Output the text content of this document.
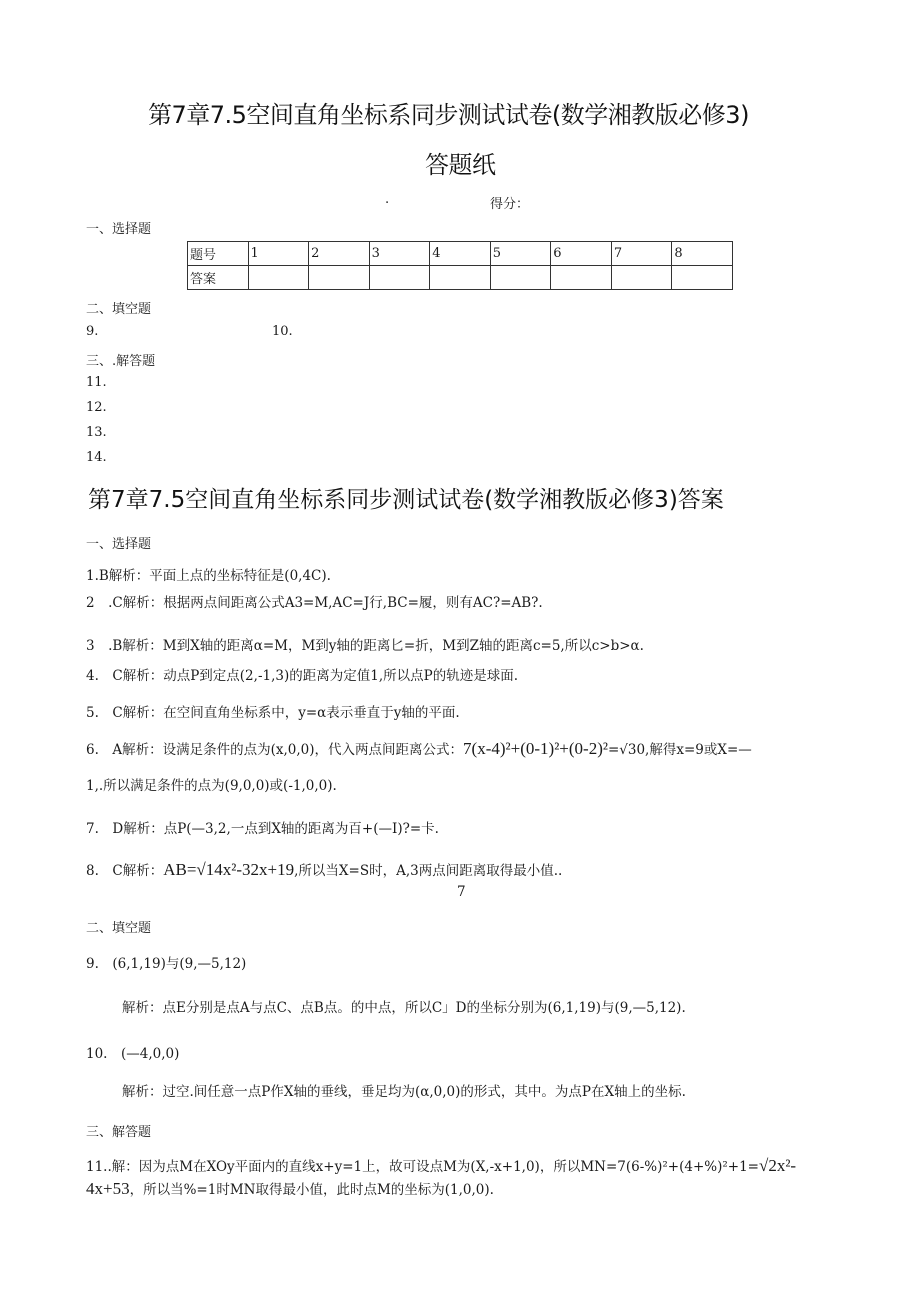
第7章7.5空间直角坐标系同步测试试卷(数学湘教版必修3)
答题纸
.	得分：
一、选择题
题号	1	2	3	4	5	6	7	8
答案								
二、填空题
9.	10.
三、.解答题
11.
12.
13.
14.
第7章7.5空间直角坐标系同步测试试卷(数学湘教版必修3)答案
一、选择题
1.B解析：平面上点的坐标特征是(0,4C).
2　.C解析：根据两点间距离公式A3=M,AC=J行,BC=履，则有AC?=AB?.
3　.B解析：M到X轴的距离α=M，M到y轴的距离匕=折，M到Z轴的距离c=5,所以c>b>α.
4.　C解析：动点P到定点(2,-1,3)的距离为定值1,所以点P的轨迹是球面.
5.　C解析：在空间直角坐标系中，y=α表示垂直于y轴的平面.
6.　A解析：设满足条件的点为(x,0,0)，代入两点间距离公式：7(x-4)²+(0-1)²+(0-2)²=√30,解得x=9或X=—
1,.所以满足条件的点为(9,0,0)或(-1,0,0).
7.　D解析：点P(—3,2,一点到X轴的距离为百+(—I)?=卡.
8.　C解析：AB=√14x²-32x+19,所以当X=S时，A,3两点间距离取得最小值..
7
二、填空题
9.　(6,1,19)与(9,—5,12)
解析：点E分别是点A与点C、点B点。的中点，所以C」D的坐标分别为(6,1,19)与(9,—5,12).
10.　(—4,0,0)
解析：过空.间任意一点P作X轴的垂线，垂足均为(α,0,0)的形式，其中。为点P在X轴上的坐标.
三、解答题
11..解：因为点M在XOy平面内的直线x+y=1上，故可设点M为(X,-x+1,0)，所以MN=7(6-%)²+(4+%)²+1=√2x²-
4x+53，所以当%=1时MN取得最小值，此时点M的坐标为(1,0,0).
